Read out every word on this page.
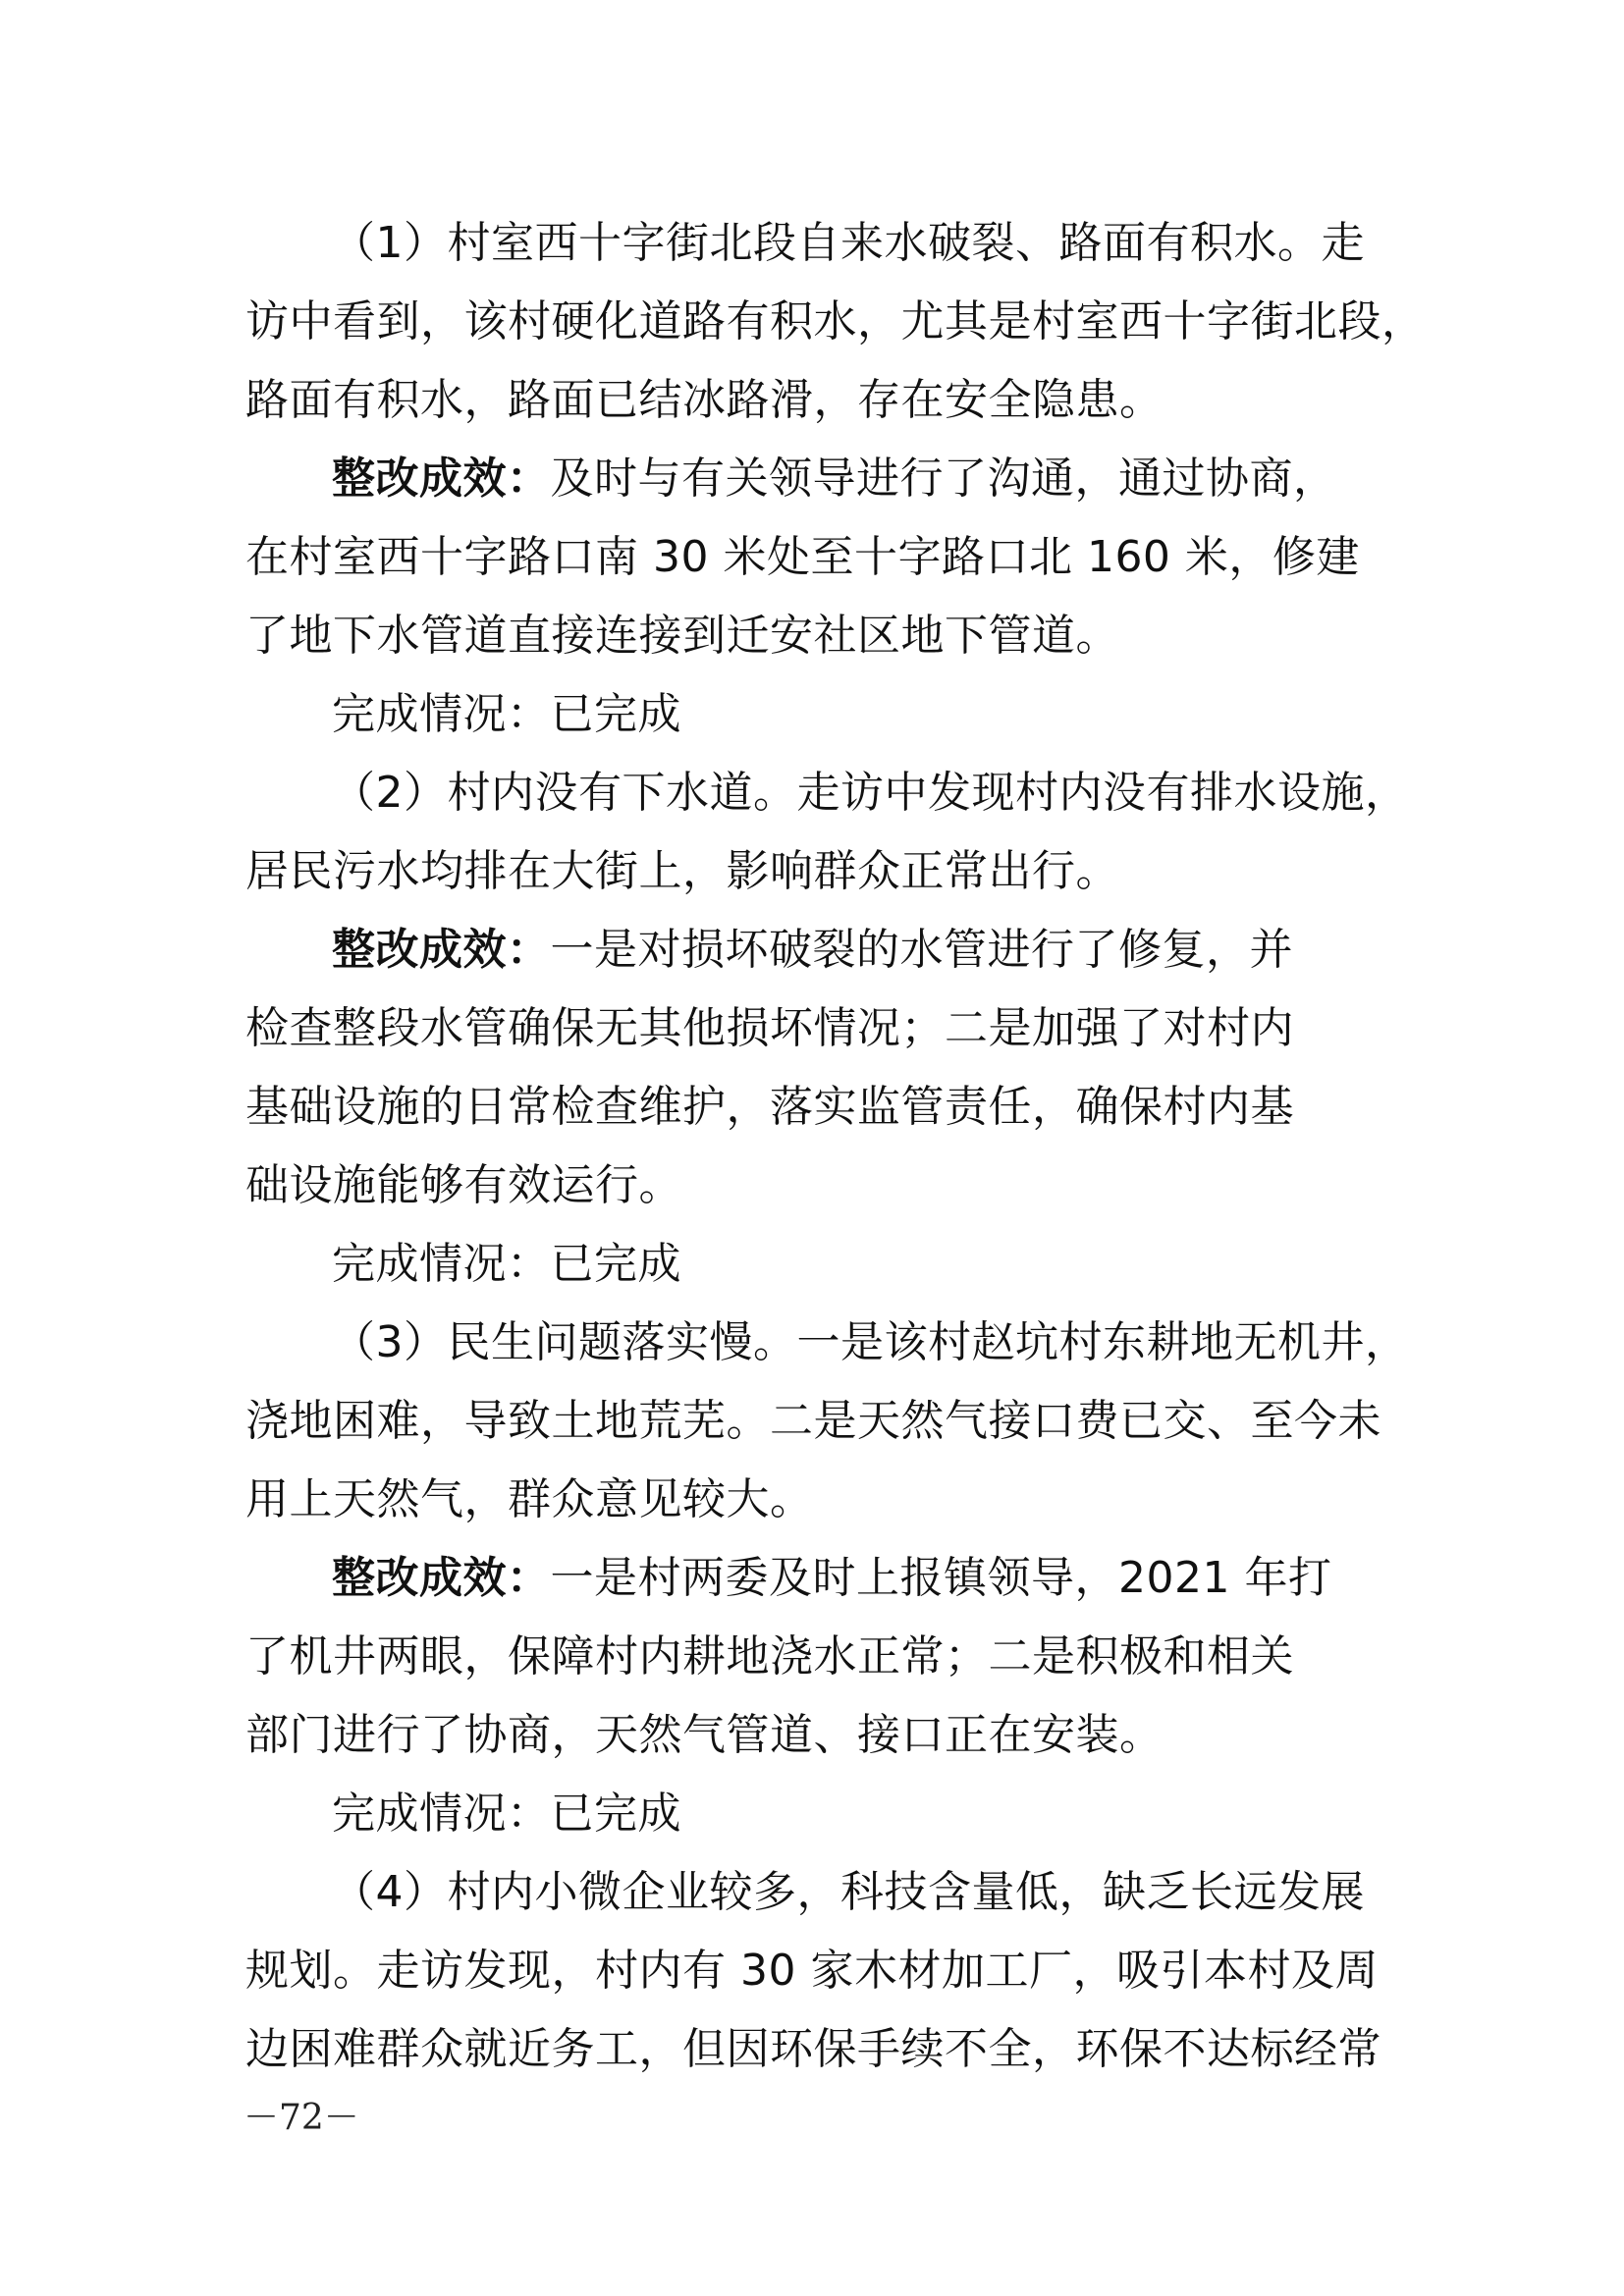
（1）村室西十字街北段自来水破裂、路面有积水。走
访中看到，该村硬化道路有积水，尤其是村室西十字街北段，
路面有积水，路面已结冰路滑，存在安全隐患。
整改成效：及时与有关领导进行了沟通，通过协商，
在村室西十字路口南 30 米处至十字路口北 160 米，修建
了地下水管道直接连接到迁安社区地下管道。
完成情况：已完成
（2）村内没有下水道。走访中发现村内没有排水设施，
居民污水均排在大街上，影响群众正常出行。
整改成效：一是对损坏破裂的水管进行了修复，并
检查整段水管确保无其他损坏情况；二是加强了对村内
基础设施的日常检查维护，落实监管责任，确保村内基
础设施能够有效运行。
完成情况：已完成
（3）民生问题落实慢。一是该村赵坑村东耕地无机井，
浇地困难，导致土地荒芜。二是天然气接口费已交、至今未
用上天然气，群众意见较大。
整改成效：一是村两委及时上报镇领导，2021 年打
了机井两眼，保障村内耕地浇水正常；二是积极和相关
部门进行了协商，天然气管道、接口正在安装。
完成情况：已完成
（4）村内小微企业较多，科技含量低，缺乏长远发展
规划。走访发现，村内有 30 家木材加工厂，吸引本村及周
边困难群众就近务工，但因环保手续不全，环保不达标经常
－72－
